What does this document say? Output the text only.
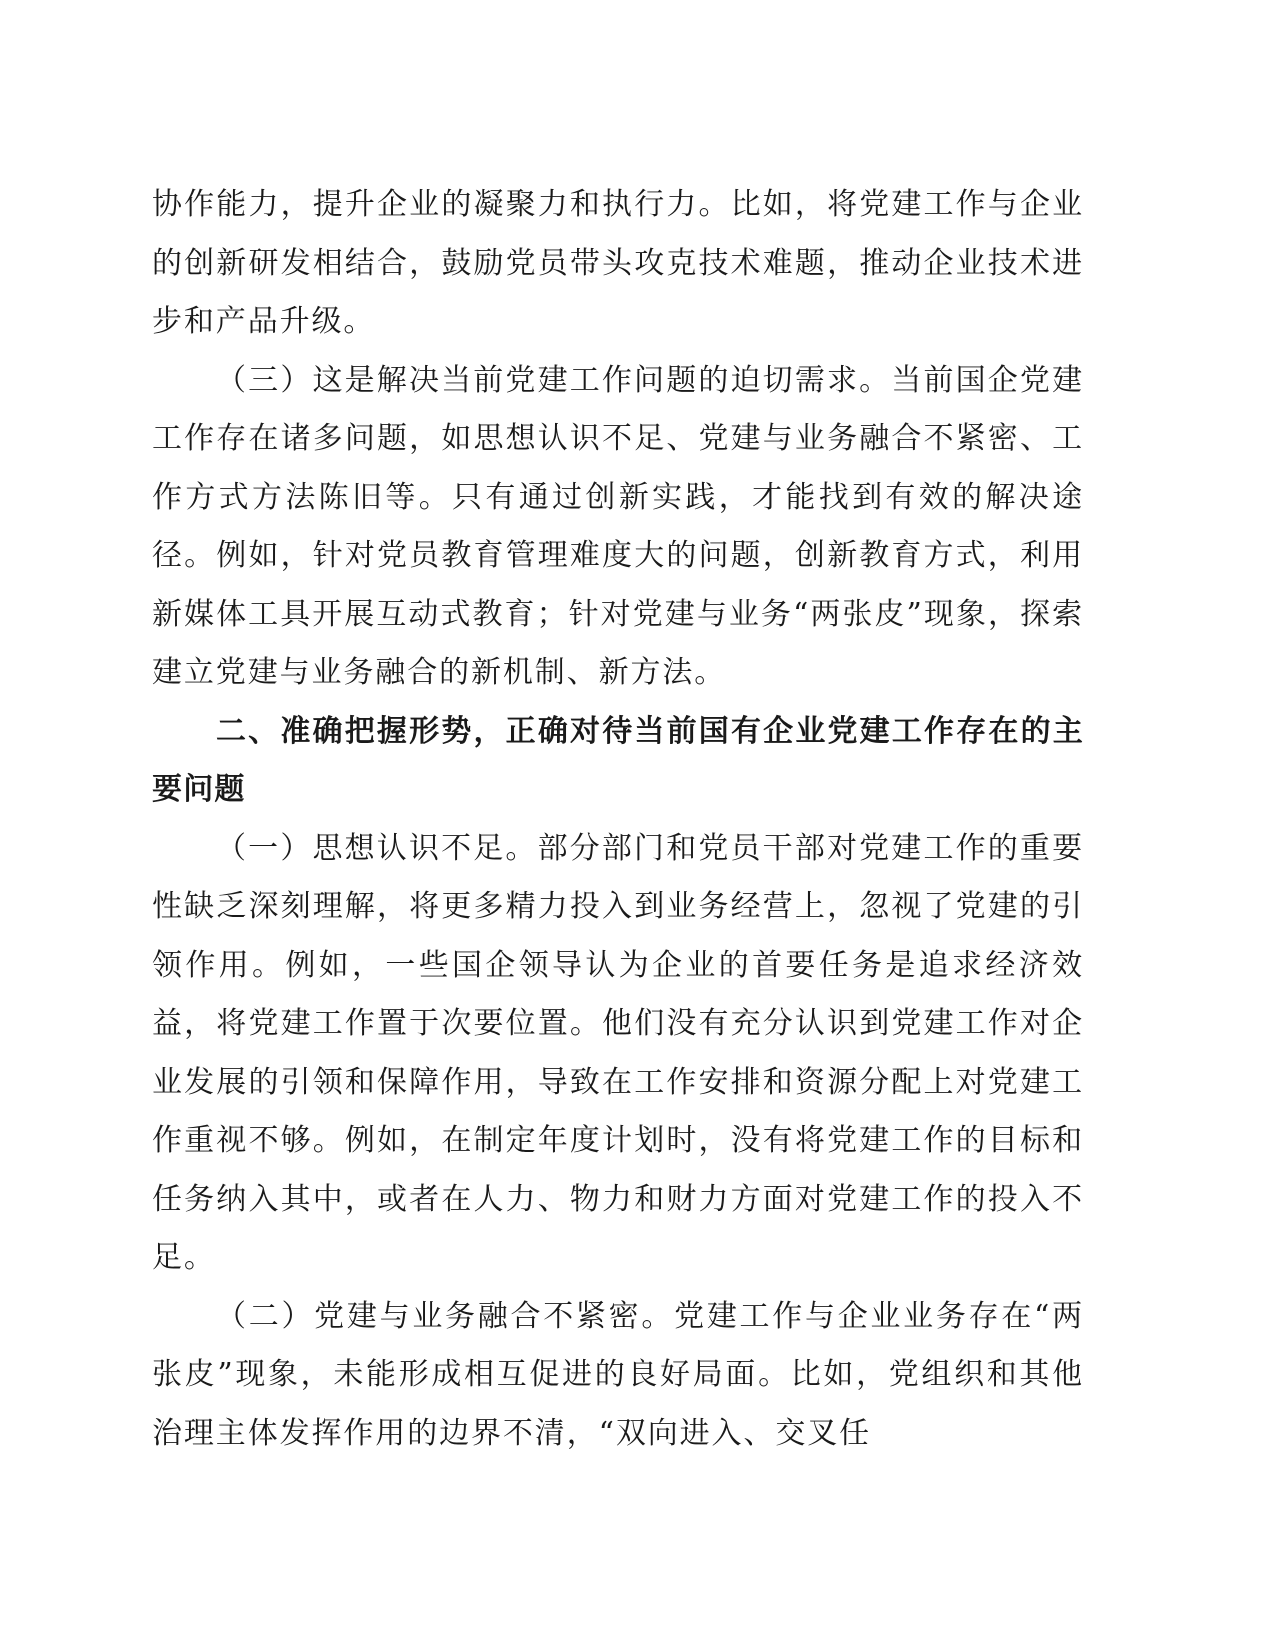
协作能力，提升企业的凝聚力和执行力。比如，将党建工作与企业的创新研发相结合，鼓励党员带头攻克技术难题，推动企业技术进步和产品升级。

（三）这是解决当前党建工作问题的迫切需求。当前国企党建工作存在诸多问题，如思想认识不足、党建与业务融合不紧密、工作方式方法陈旧等。只有通过创新实践，才能找到有效的解决途径。例如，针对党员教育管理难度大的问题，创新教育方式，利用新媒体工具开展互动式教育；针对党建与业务“两张皮”现象，探索建立党建与业务融合的新机制、新方法。

二、准确把握形势，正确对待当前国有企业党建工作存在的主要问题

（一）思想认识不足。部分部门和党员干部对党建工作的重要性缺乏深刻理解，将更多精力投入到业务经营上，忽视了党建的引领作用。例如，一些国企领导认为企业的首要任务是追求经济效益，将党建工作置于次要位置。他们没有充分认识到党建工作对企业发展的引领和保障作用，导致在工作安排和资源分配上对党建工作重视不够。例如，在制定年度计划时，没有将党建工作的目标和任务纳入其中，或者在人力、物力和财力方面对党建工作的投入不足。

（二）党建与业务融合不紧密。党建工作与企业业务存在“两张皮”现象，未能形成相互促进的良好局面。比如，党组织和其他治理主体发挥作用的边界不清，“双向进入、交叉任
